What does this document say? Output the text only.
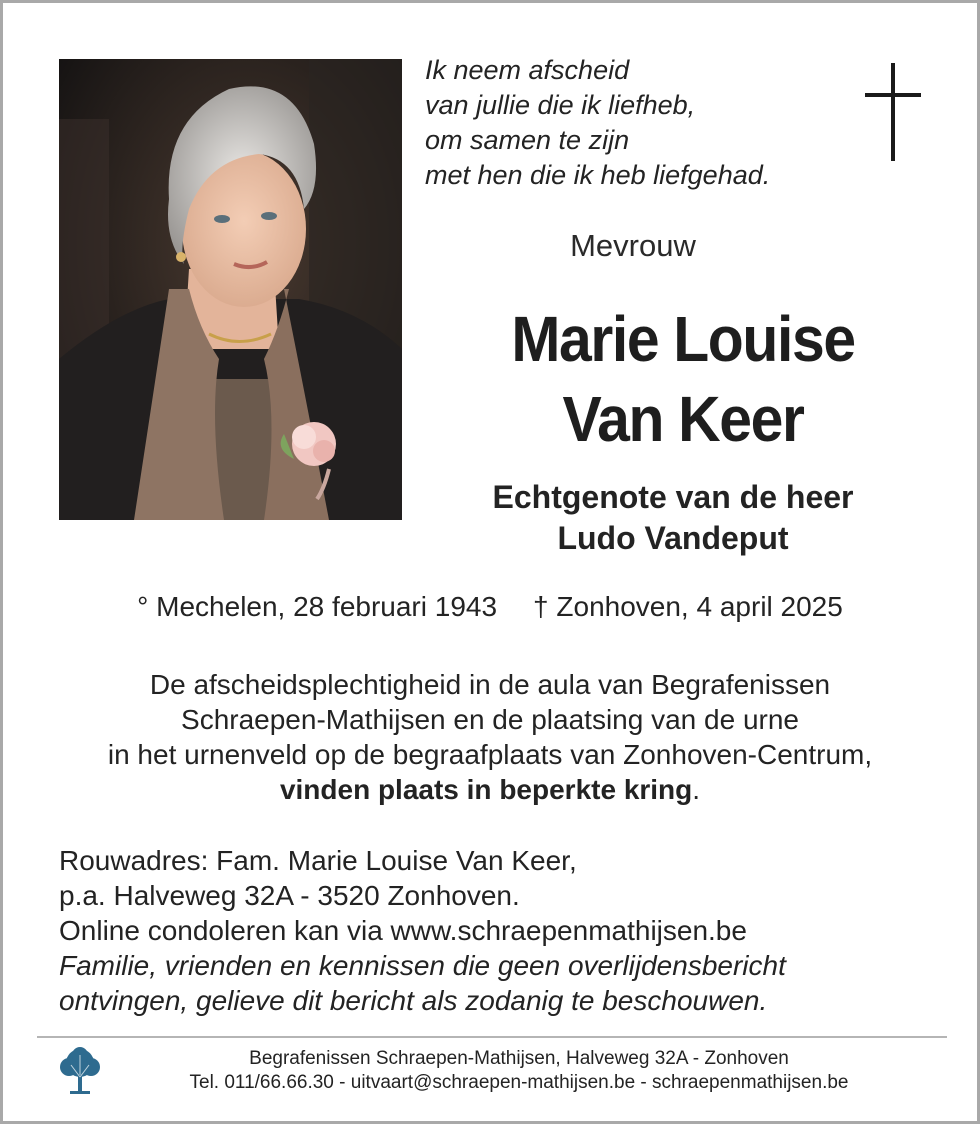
Ik neem afscheid
van jullie die ik liefheb,
om samen te zijn
met hen die ik heb liefgehad.
Mevrouw
Marie Louise
Van Keer
Echtgenote van de heer
Ludo Vandeput
° Mechelen, 28 februari 1943 † Zonhoven, 4 april 2025
De afscheidsplechtigheid in de aula van Begrafenissen
Schraepen-Mathijsen en de plaatsing van de urne
in het urnenveld op de begraafplaats van Zonhoven-Centrum,
vinden plaats in beperkte kring.
Rouwadres: Fam. Marie Louise Van Keer,
p.a. Halveweg 32A - 3520 Zonhoven.
Online condoleren kan via www.schraepenmathijsen.be
Familie, vrienden en kennissen die geen overlijdensbericht
ontvingen, gelieve dit bericht als zodanig te beschouwen.
Begrafenissen Schraepen-Mathijsen, Halveweg 32A - Zonhoven
Tel. 011/66.66.30 - uitvaart@schraepen-mathijsen.be - schraepenmathijsen.be
